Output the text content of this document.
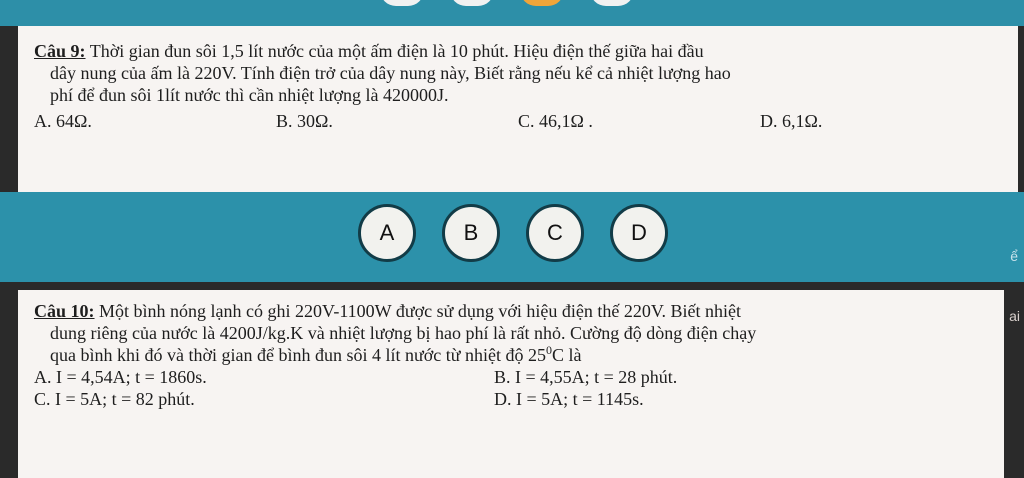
Câu 9: Thời gian đun sôi 1,5 lít nước của một ấm điện là 10 phút. Hiệu điện thế giữa hai đầu
dây nung của ấm là 220V. Tính điện trở của dây nung này, Biết rằng nếu kể cả nhiệt lượng hao
phí để đun sôi 1lít nước thì cần nhiệt lượng là 420000J.
A. 64Ω.	B. 30Ω.	C. 46,1Ω .	D. 6,1Ω.
ể
A	B	C	D
ai
Câu 10: Một bình nóng lạnh có ghi 220V-1100W được sử dụng với hiệu điện thế 220V. Biết nhiệt
dung riêng của nước là 4200J/kg.K và nhiệt lượng bị hao phí là rất nhỏ. Cường độ dòng điện chạy
qua bình khi đó và thời gian để bình đun sôi 4 lít nước từ nhiệt độ $25^0C$ là
A. I = 4,54A; t = 1860s.	B. I = 4,55A; t = 28 phút.
C. I = 5A; t = 82 phút.	D. I = 5A; t = 1145s.
